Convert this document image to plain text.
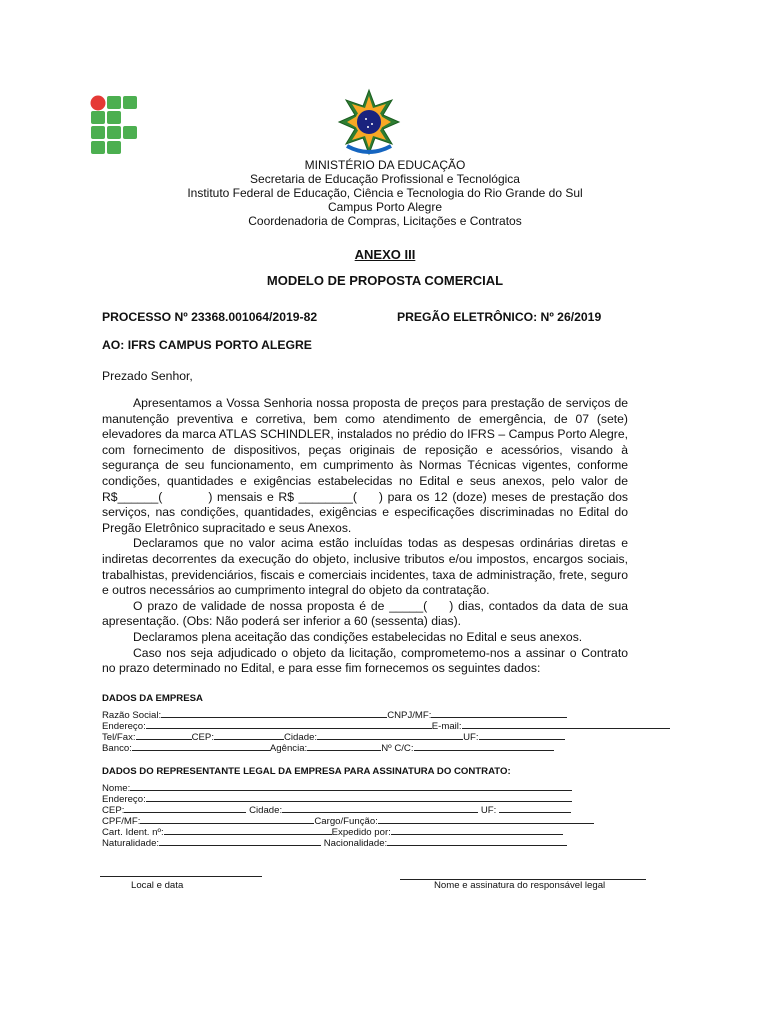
MINISTÉRIO DA EDUCAÇÃO
Secretaria de Educação Profissional e Tecnológica
Instituto Federal de Educação, Ciência e Tecnologia do Rio Grande do Sul
Campus Porto Alegre
Coordenadoria de Compras, Licitações e Contratos
ANEXO III
MODELO DE PROPOSTA COMERCIAL
PROCESSO Nº 23368.001064/2019-82	PREGÃO ELETRÔNICO: Nº 26/2019
AO: IFRS CAMPUS PORTO ALEGRE
Prezado Senhor,

Apresentamos a Vossa Senhoria nossa proposta de preços para prestação de serviços de manutenção preventiva e corretiva, bem como atendimento de emergência, de 07 (sete) elevadores da marca ATLAS SCHINDLER, instalados no prédio do IFRS – Campus Porto Alegre, com fornecimento de dispositivos, peças originais de reposição e acessórios, visando à segurança de seu funcionamento, em cumprimento às Normas Técnicas vigentes, conforme condições, quantidades e exigências estabelecidas no Edital e seus anexos, pelo valor de R$______(	) mensais e R$ ________( ) para os 12 (doze) meses de prestação dos serviços, nas condições, quantidades, exigências e especificações discriminadas no Edital do Pregão Eletrônico supracitado e seus Anexos.

Declaramos que no valor acima estão incluídas todas as despesas ordinárias diretas e indiretas decorrentes da execução do objeto, inclusive tributos e/ou impostos, encargos sociais, trabalhistas, previdenciários, fiscais e comerciais incidentes, taxa de administração, frete, seguro e outros necessários ao cumprimento integral do objeto da contratação.

O prazo de validade de nossa proposta é de _____( ) dias, contados da data de sua apresentação. (Obs: Não poderá ser inferior a 60 (sessenta) dias).

Declaramos plena aceitação das condições estabelecidas no Edital e seus anexos.

Caso nos seja adjudicado o objeto da licitação, comprometemo-nos a assinar o Contrato no prazo determinado no Edital, e para esse fim fornecemos os seguintes dados:

DADOS DA EMPRESA
Razão Social:	CNPJ/MF:
Endereço:	E-mail:
Tel/Fax:	CEP:	Cidade:	UF:
Banco:	Agência:	Nº C/C:
DADOS DO REPRESENTANTE LEGAL DA EMPRESA PARA ASSINATURA DO CONTRATO:
Nome:
Endereço:
CEP:	Cidade:	UF:
CPF/MF:	Cargo/Função:
Cart. Ident. nº:	Expedido por:
Naturalidade:	Nacionalidade:
Local e data	Nome e assinatura do responsável legal
